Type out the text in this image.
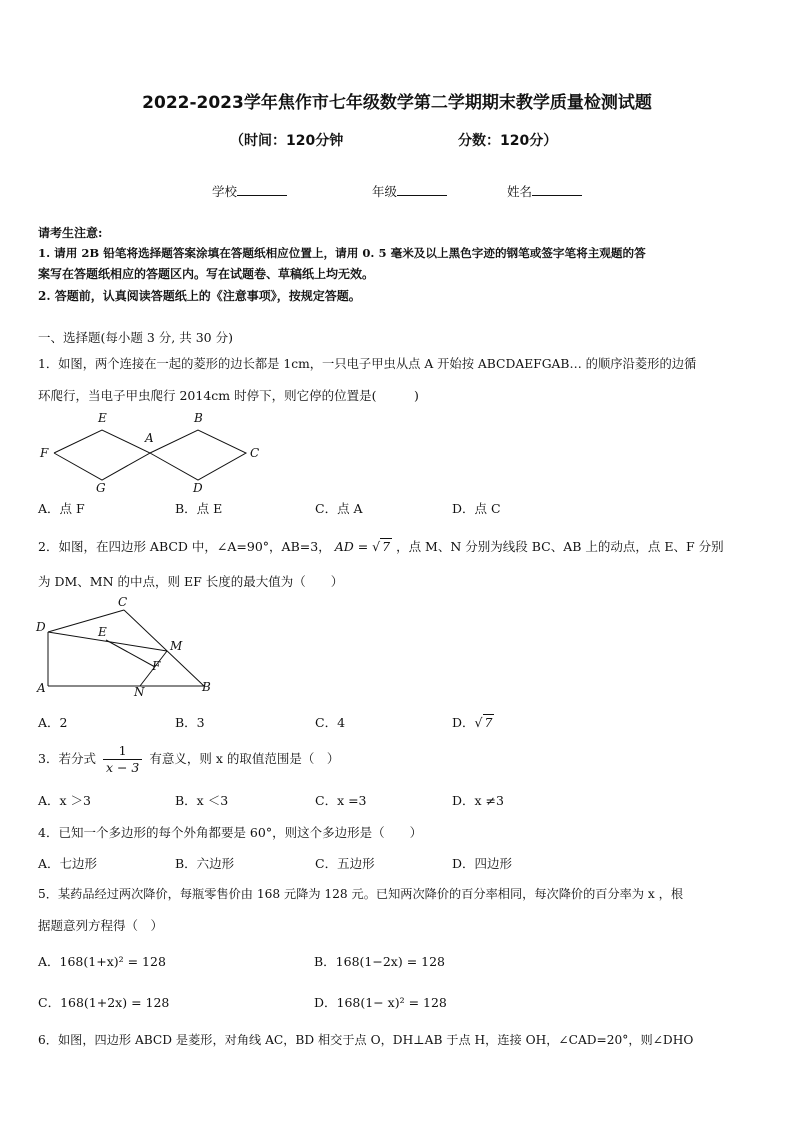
2022-2023学年焦作市七年级数学第二学期期末教学质量检测试题
（时间：120分钟	分数：120分）
学校	年级	姓名
请考生注意:
1. 请用 2B 铅笔将选择题答案涂填在答题纸相应位置上，请用 0. 5 毫米及以上黑色字迹的钢笔或签字笔将主观题的答
案写在答题纸相应的答题区内。写在试题卷、草稿纸上均无效。
2. 答题前，认真阅读答题纸上的《注意事项》，按规定答题。
一、选择题(每小题 3 分, 共 30 分)
1．如图，两个连接在一起的菱形的边长都是 1cm，一只电子甲虫从点 A 开始按 ABCDAEFGAB… 的顺序沿菱形的边循
环爬行，当电子甲虫爬行 2014cm 时停下，则它停的位置是(　　　)
E	B
A
F	C
G	D
A．点 F	B．点 E	C．点 A	D．点 C
2．如图，在四边形 ABCD 中，∠A=90°，AB=3， AD = √ 7 ，点 M、N 分别为线段 BC、AB 上的动点，点 E、F 分别
为 DM、MN 的中点，则 EF 长度的最大值为（　　）
C
D	E
M
F
A	N	B
A．2	B．3	C．4	D．√ 7
3．若分式 $\frac{1}{x - 3}$ 有意义，则 x 的取值范围是（　）
A．x ＞3	B．x ＜3	C．x =3	D．x ≠3
4．已知一个多边形的每个外角都要是 60°，则这个多边形是（　　）
A．七边形	B．六边形	C．五边形	D．四边形
5．某药品经过两次降价，每瓶零售价由 168 元降为 128 元。已知两次降价的百分率相同，每次降价的百分率为 x ，根
据题意列方程得（　）
A．168(1+x)² = 128	B．168(1−2x) = 128
C．168(1+2x) = 128	D．168(1− x)² = 128
6．如图，四边形 ABCD 是菱形，对角线 AC，BD 相交于点 O，DH⊥AB 于点 H，连接 OH，∠CAD=20°，则∠DHO
